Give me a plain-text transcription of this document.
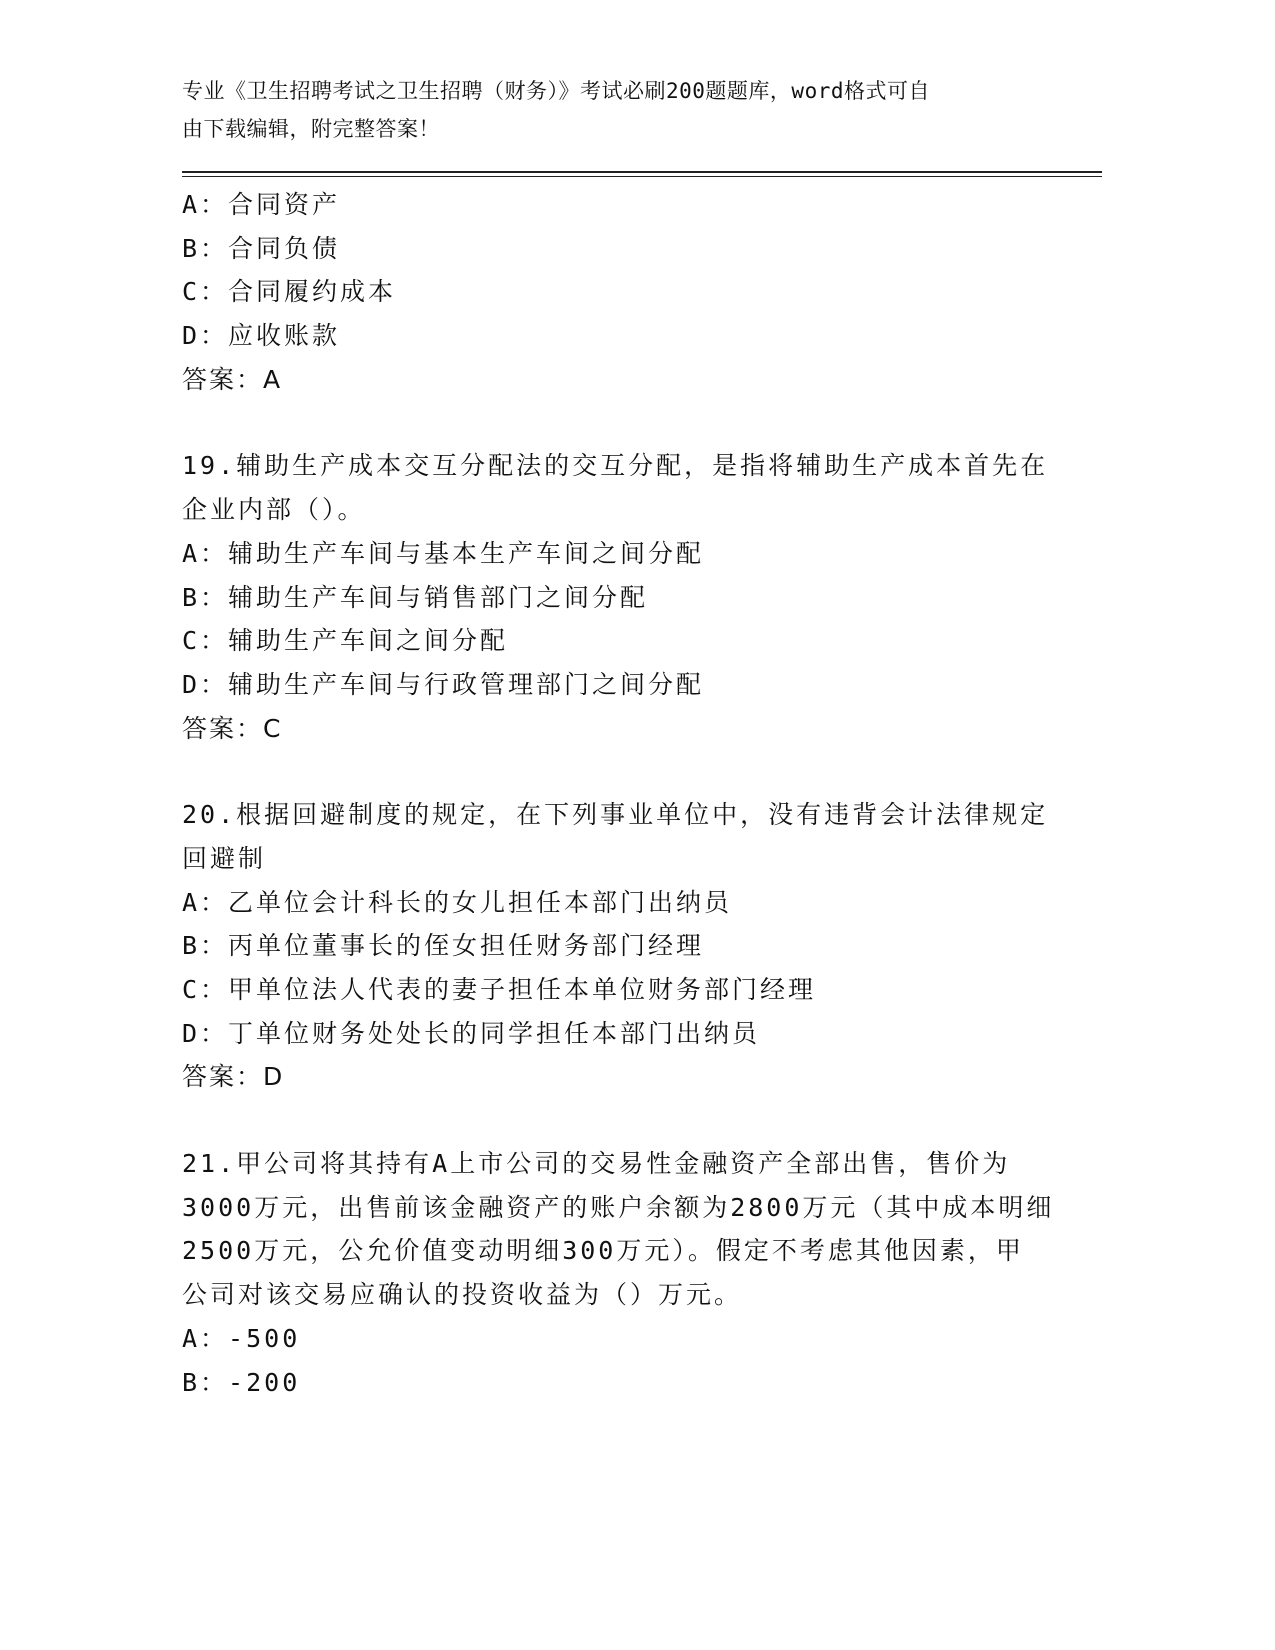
专业《卫生招聘考试之卫生招聘（财务）》考试必刷200题题库，word格式可自
由下载编辑，附完整答案！
A：合同资产
B：合同负债
C：合同履约成本
D：应收账款
答案：A
19.辅助生产成本交互分配法的交互分配，是指将辅助生产成本首先在
企业内部（）。
A：辅助生产车间与基本生产车间之间分配
B：辅助生产车间与销售部门之间分配
C：辅助生产车间之间分配
D：辅助生产车间与行政管理部门之间分配
答案：C
20.根据回避制度的规定，在下列事业单位中，没有违背会计法律规定
回避制
A：乙单位会计科长的女儿担任本部门出纳员
B：丙单位董事长的侄女担任财务部门经理
C：甲单位法人代表的妻子担任本单位财务部门经理
D：丁单位财务处处长的同学担任本部门出纳员
答案：D
21.甲公司将其持有A上市公司的交易性金融资产全部出售，售价为
3000万元，出售前该金融资产的账户余额为2800万元（其中成本明细
2500万元，公允价值变动明细300万元）。假定不考虑其他因素，甲
公司对该交易应确认的投资收益为（）万元。
A：-500
B：-200
